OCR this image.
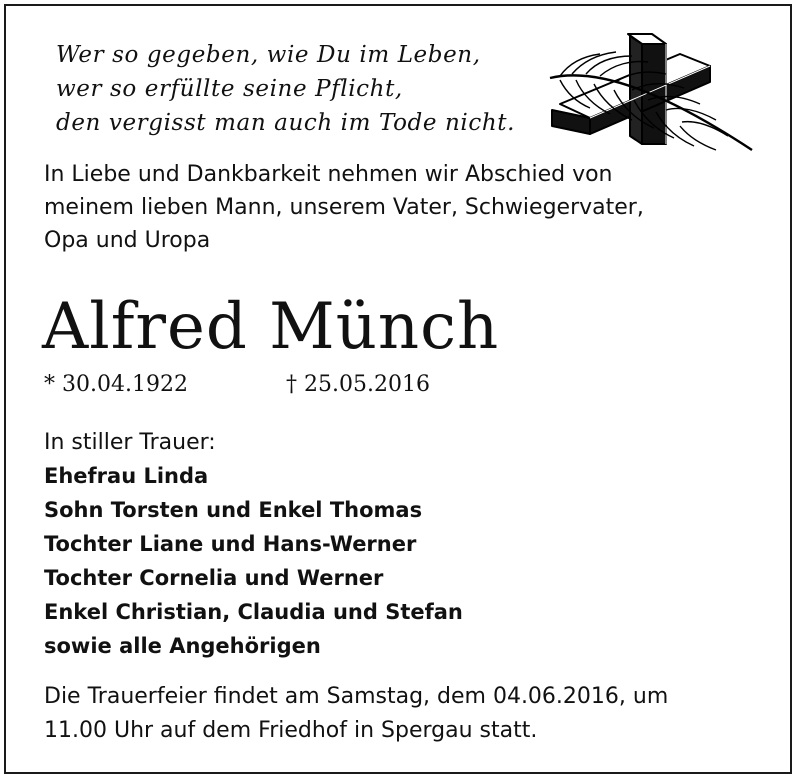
Wer so gegeben, wie Du im Leben,
wer so erfüllte seine Pflicht,
den vergisst man auch im Tode nicht.
In Liebe und Dankbarkeit nehmen wir Abschied von
meinem lieben Mann, unserem Vater, Schwiegervater,
Opa und Uropa
Alfred Münch
* 30.04.1922	† 25.05.2016
In stiller Trauer:
Ehefrau Linda
Sohn Torsten und Enkel Thomas
Tochter Liane und Hans-Werner
Tochter Cornelia und Werner
Enkel Christian, Claudia und Stefan
sowie alle Angehörigen
Die Trauerfeier findet am Samstag, dem 04.06.2016, um
11.00 Uhr auf dem Friedhof in Spergau statt.
